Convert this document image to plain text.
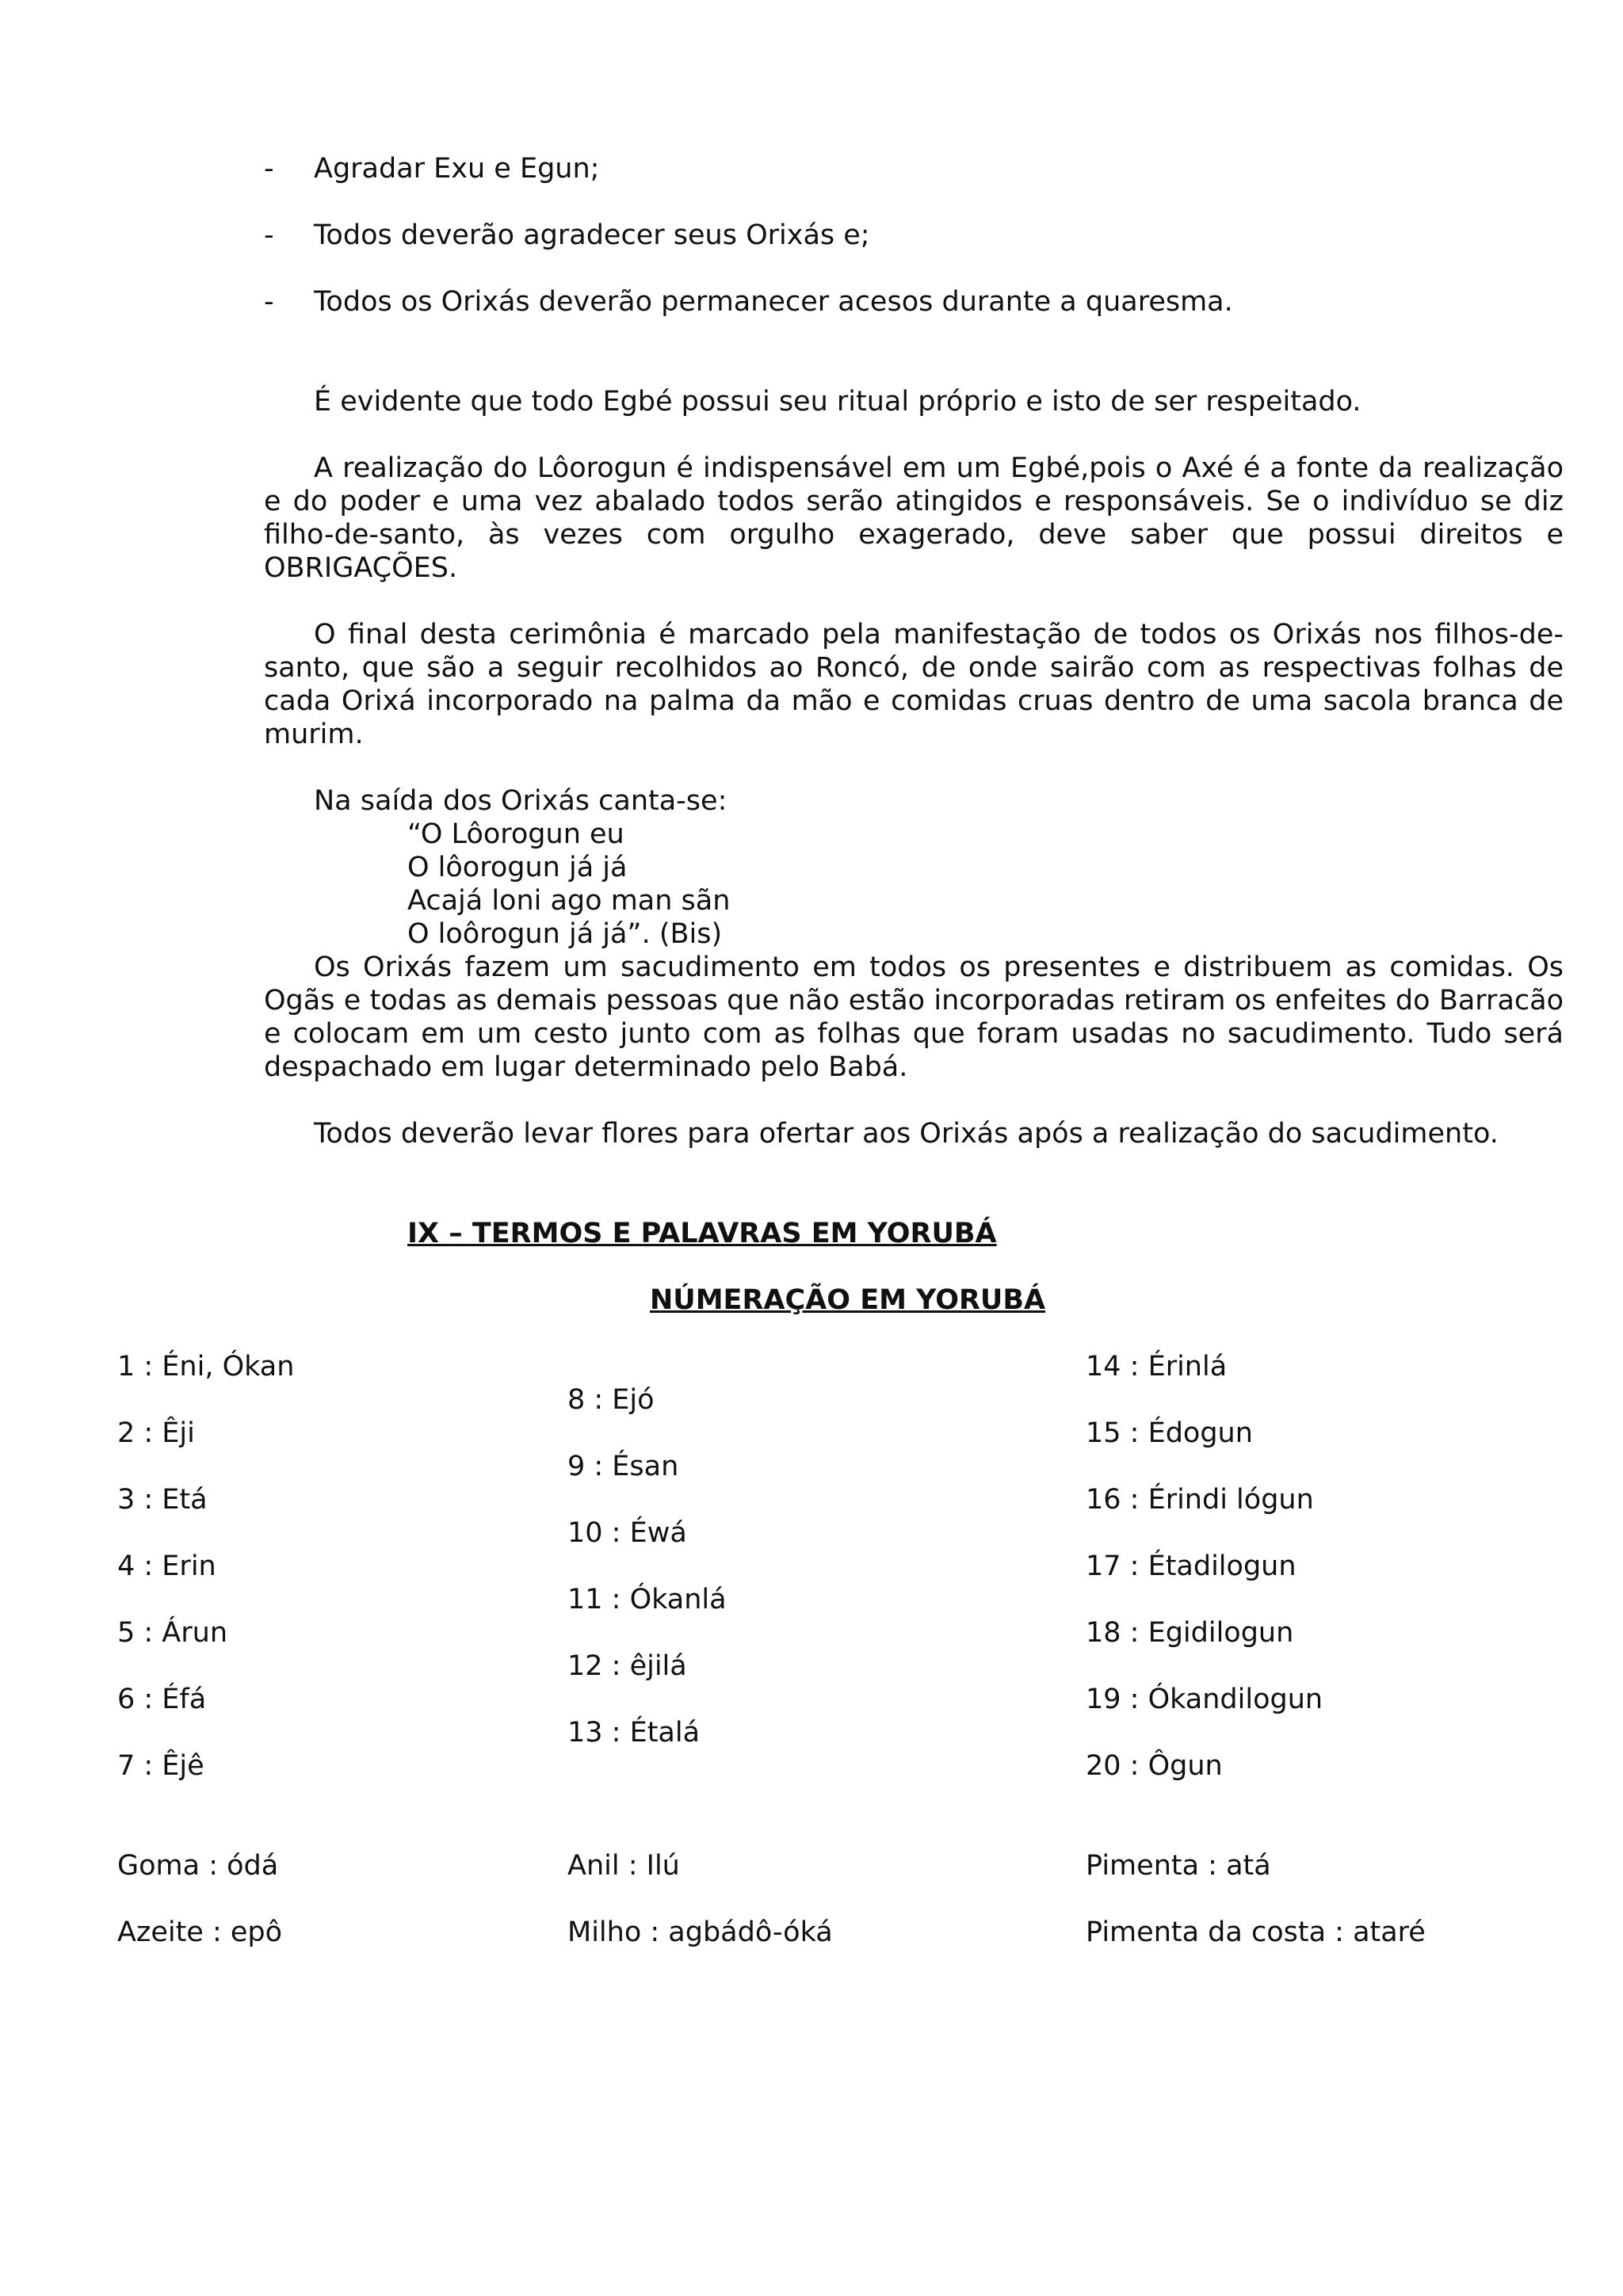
- Agradar Exu e Egun;
- Todos deverão agradecer seus Orixás e;
- Todos os Orixás deverão permanecer acesos durante a quaresma.

É evidente que todo Egbé possui seu ritual próprio e isto de ser respeitado.

A realização do Lôorogun é indispensável em um Egbé,pois o Axé é a fonte da realização e do poder e uma vez abalado todos serão atingidos e responsáveis. Se o indivíduo se diz filho-de-santo, às vezes com orgulho exagerado, deve saber que possui direitos e OBRIGAÇÕES.

O final desta cerimônia é marcado pela manifestação de todos os Orixás nos filhos-de-santo, que são a seguir recolhidos ao Roncó, de onde sairão com as respectivas folhas de cada Orixá incorporado na palma da mão e comidas cruas dentro de uma sacola branca de murim.

Na saída dos Orixás canta-se:

“O Lôorogun eu
O lôorogun já já
Acajá loni ago man sãn
O loôrogun já já”. (Bis)

Os Orixás fazem um sacudimento em todos os presentes e distribuem as comidas. Os Ogãs e todas as demais pessoas que não estão incorporadas retiram os enfeites do Barracão e colocam em um cesto junto com as folhas que foram usadas no sacudimento. Tudo será despachado em lugar determinado pelo Babá.

Todos deverão levar flores para ofertar aos Orixás após a realização do sacudimento.

IX – TERMOS E PALAVRAS EM YORUBÁ
NÚMERAÇÃO EM YORUBÁ
1 : Éni, Ókan
2 : Êji
3 : Etá
4 : Erin
5 : Árun
6 : Éfá
7 : Êjê
8 : Ejó
9 : Ésan
10 : Éwá
11 : Ókanlá
12 : êjilá
13 : Étalá
14 : Érinlá
15 : Édogun
16 : Érindi lógun
17 : Étadilogun
18 : Egidilogun
19 : Ókandilogun
20 : Ôgun
Goma : ódá
Azeite : epô
Anil : Ilú
Milho : agbádô-óká
Pimenta : atá
Pimenta da costa : ataré
